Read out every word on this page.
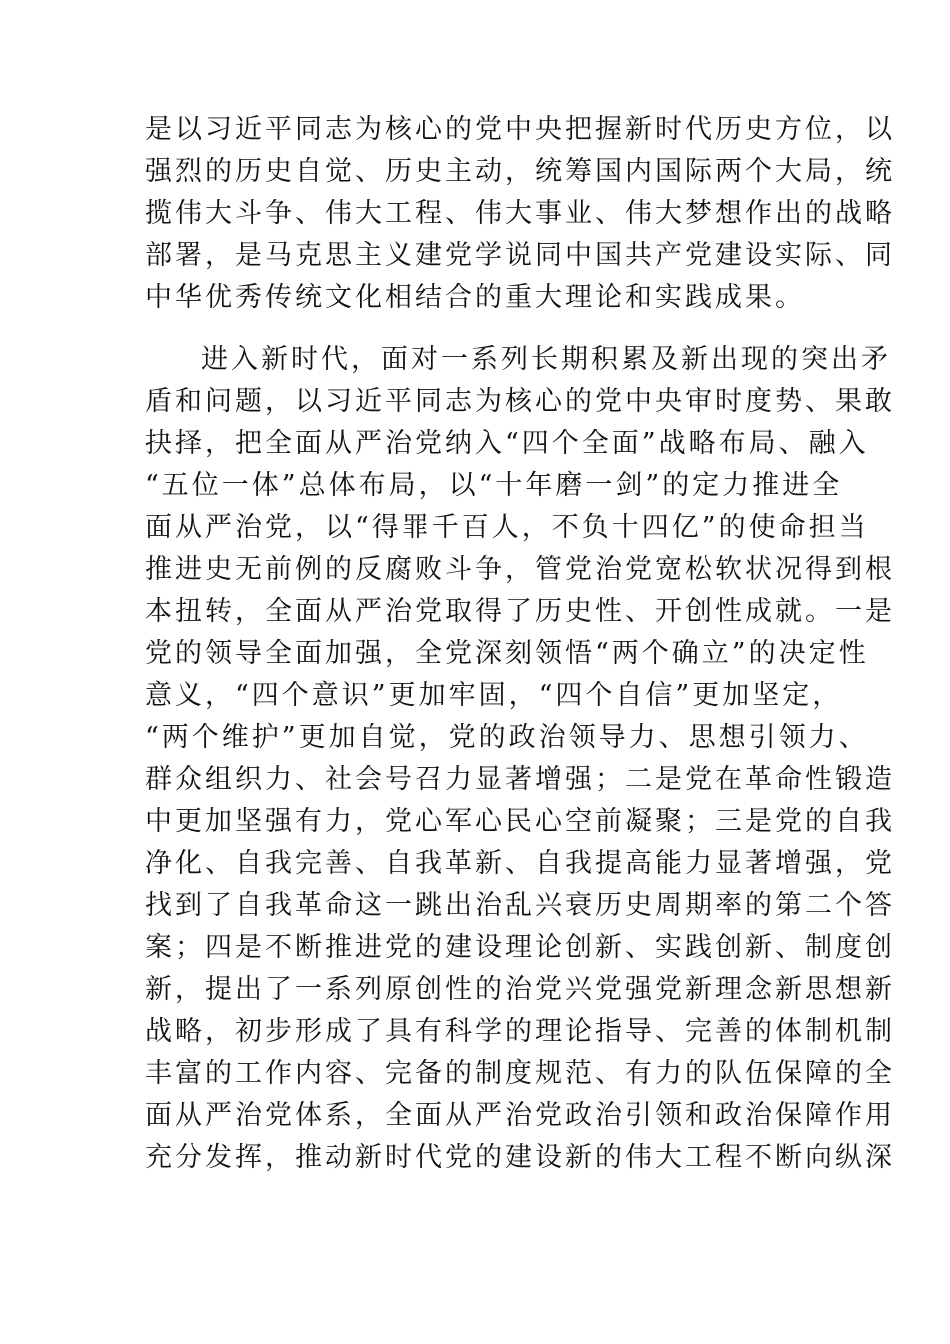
是以习近平同志为核心的党中央把握新时代历史方位，以
强烈的历史自觉、历史主动，统筹国内国际两个大局，统
揽伟大斗争、伟大工程、伟大事业、伟大梦想作出的战略
部署，是马克思主义建党学说同中国共产党建设实际、同
中华优秀传统文化相结合的重大理论和实践成果。
进入新时代，面对一系列长期积累及新出现的突出矛
盾和问题，以习近平同志为核心的党中央审时度势、果敢
抉择，把全面从严治党纳入“四个全面”战略布局、融入
“五位一体”总体布局，以“十年磨一剑”的定力推进全
面从严治党，以“得罪千百人，不负十四亿”的使命担当
推进史无前例的反腐败斗争，管党治党宽松软状况得到根
本扭转，全面从严治党取得了历史性、开创性成就。一是
党的领导全面加强，全党深刻领悟“两个确立”的决定性
意义，“四个意识”更加牢固，“四个自信”更加坚定，
“两个维护”更加自觉，党的政治领导力、思想引领力、
群众组织力、社会号召力显著增强；二是党在革命性锻造
中更加坚强有力，党心军心民心空前凝聚；三是党的自我
净化、自我完善、自我革新、自我提高能力显著增强，党
找到了自我革命这一跳出治乱兴衰历史周期率的第二个答
案；四是不断推进党的建设理论创新、实践创新、制度创
新，提出了一系列原创性的治党兴党强党新理念新思想新
战略，初步形成了具有科学的理论指导、完善的体制机制
丰富的工作内容、完备的制度规范、有力的队伍保障的全
面从严治党体系，全面从严治党政治引领和政治保障作用
充分发挥，推动新时代党的建设新的伟大工程不断向纵深
